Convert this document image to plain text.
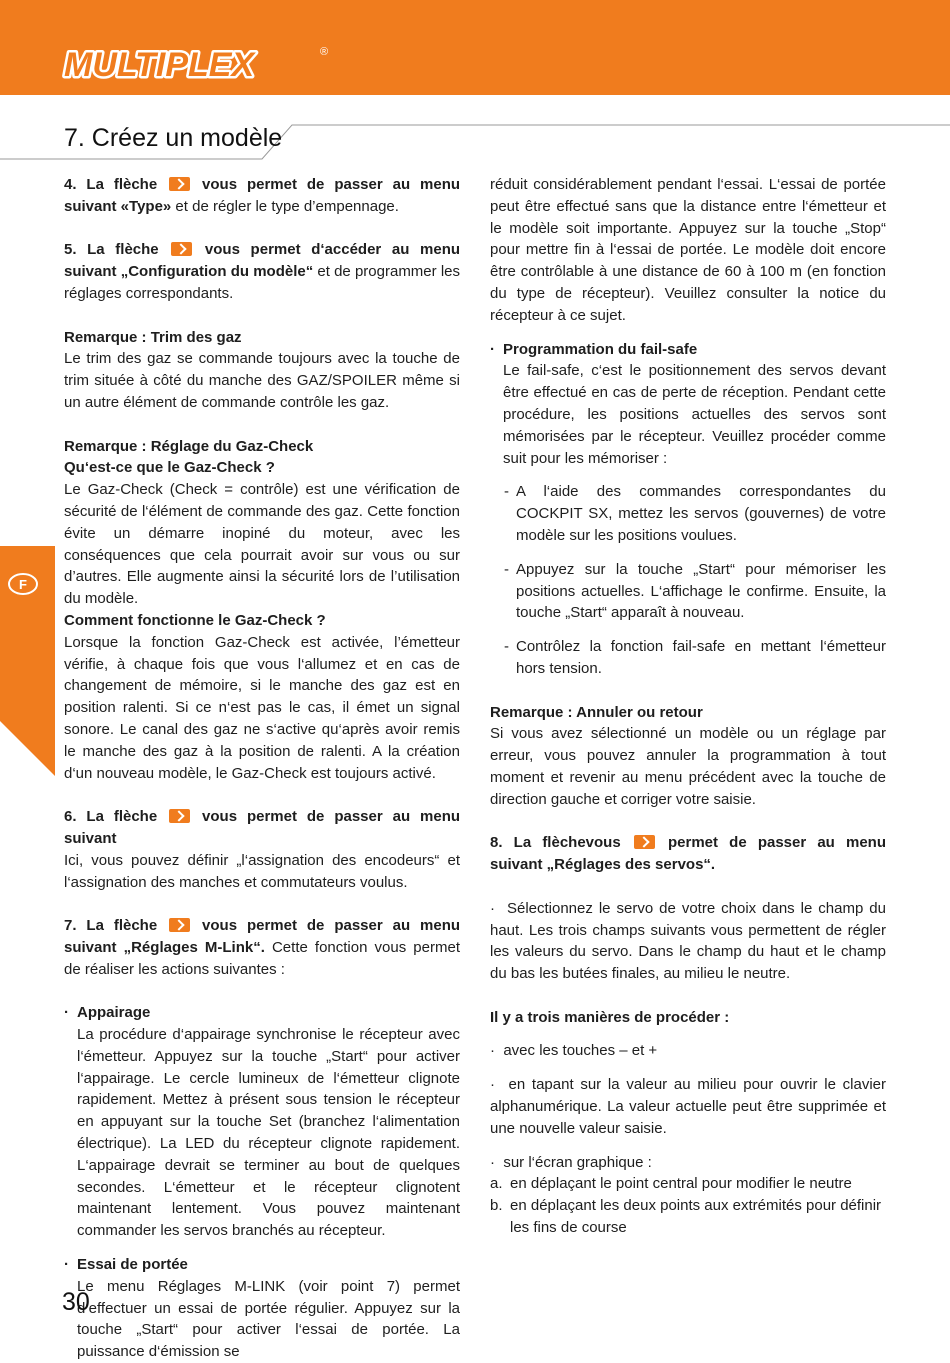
MULTIPLEX	®
7. Créez un modèle
F

4. La flèche	vous permet de passer au menu suivant «Type» et de régler le type d’empennage.

5. La flèche	vous permet d‘accéder au menu suivant „Configuration du modèle“ et de programmer les réglages correspondants.

Remarque : Trim des gaz

Le trim des gaz se commande toujours avec la touche de trim située à côté du manche des GAZ/SPOILER même si un autre élément de commande contrôle les gaz.

Remarque : Réglage du Gaz-Check

Qu‘est-ce que le Gaz-Check ?

Le Gaz-Check (Check = contrôle) est une vérification de sécurité de l‘élément de commande des gaz. Cette fonction évite un démarre inopiné du moteur, avec les conséquences que cela pourrait avoir sur vous ou sur d’autres. Elle augmente ainsi la sécurité lors de l’utilisation du modèle.

Comment fonctionne le Gaz-Check ?

Lorsque la fonction Gaz-Check est activée, l’émetteur vérifie, à chaque fois que vous l‘allumez et en cas de changement de mémoire, si le manche des gaz est en position ralenti. Si ce n‘est pas le cas, il émet un signal sonore. Le canal des gaz ne s‘active qu‘après avoir remis le manche des gaz à la position de ralenti. A la création d‘un nouveau modèle, le Gaz-Check est toujours activé.

6. La flèche	vous permet de passer au menu suivant

Ici, vous pouvez définir „l‘assignation des encodeurs“ et l‘assignation des manches et commutateurs voulus.

7. La flèche	vous permet de passer au menu suivant „Réglages M-Link“. Cette fonction vous permet de réaliser les actions suivantes :

· Appairage

La procédure d‘appairage synchronise le récepteur avec l‘émetteur. Appuyez sur la touche „Start“ pour activer l‘appairage. Le cercle lumineux de l‘émetteur clignote rapidement. Mettez à présent sous tension le récepteur en appuyant sur la touche Set (branchez l‘alimentation électrique). La LED du récepteur clignote rapidement. L‘appairage devrait se terminer au bout de quelques secondes. L‘émetteur et le récepteur clignotent maintenant lentement. Vous pouvez maintenant commander les servos branchés au récepteur.

· Essai de portée

Le menu Réglages M-LINK (voir point 7) permet d‘effectuer un essai de portée régulier. Appuyez sur la touche „Start“ pour activer l‘essai de portée. La puissance d‘émission se

réduit considérablement pendant l‘essai. L‘essai de portée peut être effectué sans que la distance entre l‘émetteur et le modèle soit importante. Appuyez sur la touche „Stop“ pour mettre fin à l‘essai de portée. Le modèle doit encore être contrôlable à une distance de 60 à 100 m (en fonction du type de récepteur). Veuillez consulter la notice du récepteur à ce sujet.

· Programmation du fail-safe

Le fail-safe, c‘est le positionnement des servos devant être effectué en cas de perte de réception. Pendant cette procédure, les positions actuelles des servos sont mémorisées par le récepteur. Veuillez procéder comme suit pour les mémoriser :

- A l‘aide des commandes correspondantes du COCKPIT SX, mettez les servos (gouvernes) de votre modèle sur les positions voulues.

- Appuyez sur la touche „Start“ pour mémoriser les positions actuelles. L‘affichage le confirme. Ensuite, la touche „Start“ apparaît à nouveau.

- Contrôlez la fonction fail-safe en mettant l‘émetteur hors tension.

Remarque : Annuler ou retour

Si vous avez sélectionné un modèle ou un réglage par erreur, vous pouvez annuler la programmation à tout moment et revenir au menu précédent avec la touche de direction gauche et corriger votre saisie.

8. La flèchevous	permet de passer au menu suivant „Réglages des servos“.

· Sélectionnez le servo de votre choix dans le champ du haut. Les trois champs suivants vous permettent de régler les valeurs du servo. Dans le champ du haut et le champ du bas les butées finales, au milieu le neutre.

Il y a trois manières de procéder :

· avec les touches – et +

· en tapant sur la valeur au milieu pour ouvrir le clavier alphanumérique. La valeur actuelle peut être supprimée et une nouvelle valeur saisie.

· sur l‘écran graphique :

a. en déplaçant le point central pour modifier le neutre

b. en déplaçant les deux points aux extrémités pour définir les fins de course

30
